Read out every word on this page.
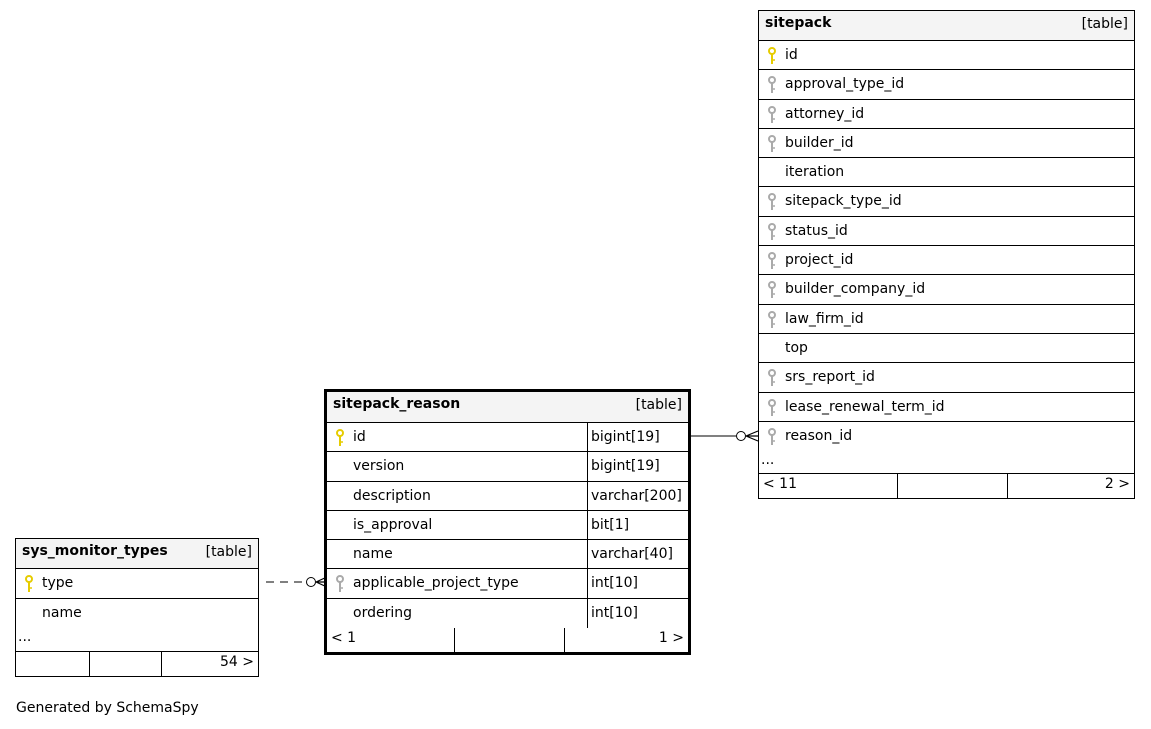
sitepack	[table]
id
approval_type_id
attorney_id
builder_id
iteration
sitepack_type_id
status_id
project_id
builder_company_id
law_firm_id
top
srs_report_id
lease_renewal_term_id
reason_id
...
< 11	2 >
sitepack_reason	[table]
id	bigint[19]
version	bigint[19]
description	varchar[200]
is_approval	bit[1]
name	varchar[40]
applicable_project_type	int[10]
ordering	int[10]
< 1	1 >
sys_monitor_types	[table]
type
name
...
54 >
Generated by SchemaSpy
